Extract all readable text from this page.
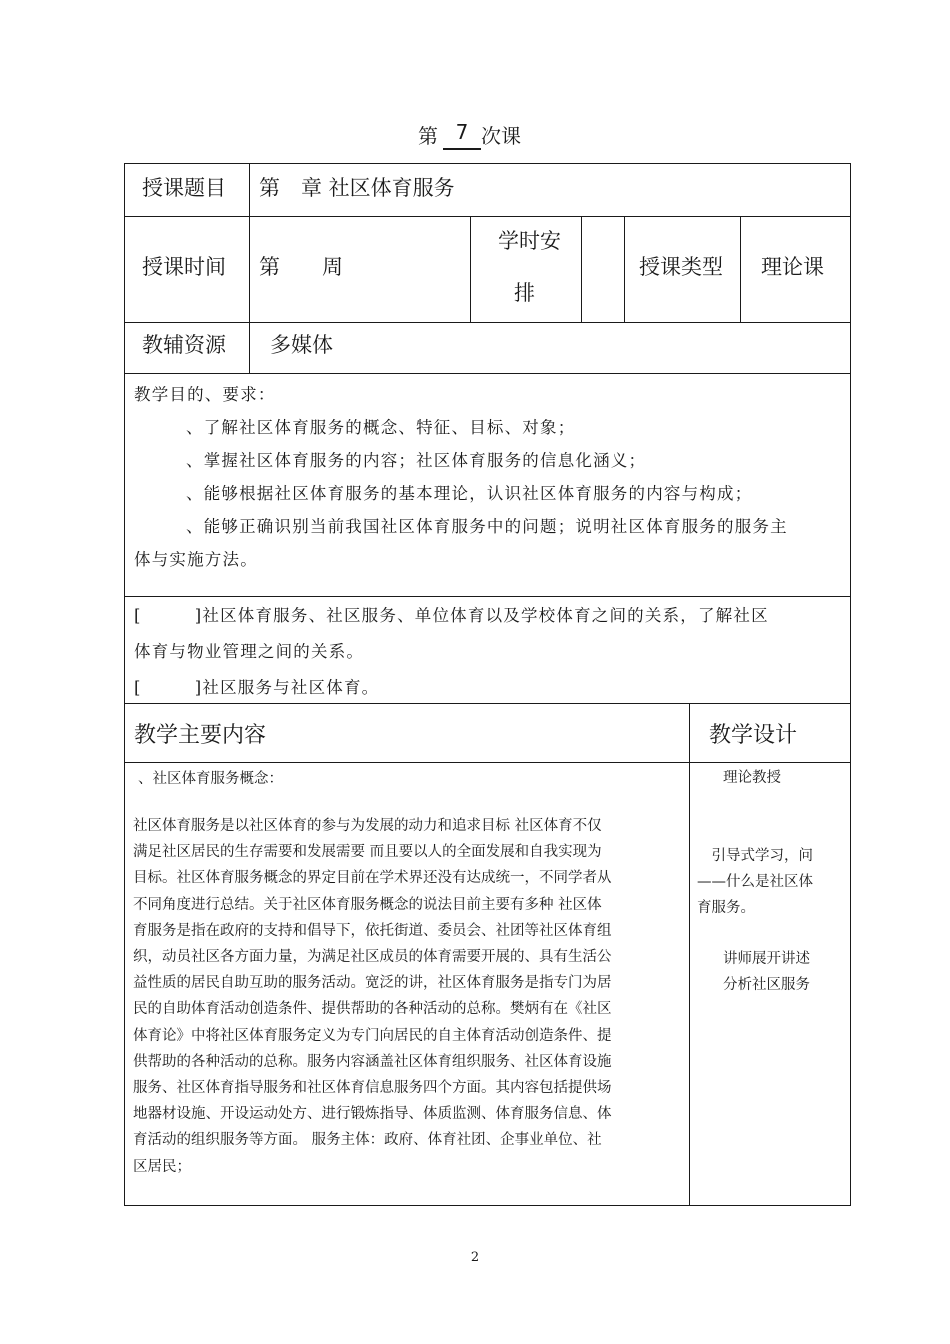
第 7 次课
授课题目 第　章 社区体育服务
授课时间 第　　周
学时安
排
授课类型 理论课
教辅资源 多媒体
教学目的、要求：
、了解社区体育服务的概念、特征、目标、对象；
、掌握社区体育服务的内容；社区体育服务的信息化涵义；
、能够根据社区体育服务的基本理论，认识社区体育服务的内容与构成；
、能够正确识别当前我国社区体育服务中的问题；说明社区体育服务的服务主
体与实施方法。
[　　　]社区体育服务、社区服务、单位体育以及学校体育之间的关系，了解社区
体育与物业管理之间的关系。
[　　　]社区服务与社区体育。
教学主要内容	教学设计
、社区体育服务概念：
社区体育服务是以社区体育的参与为发展的动力和追求目标 社区体育不仅
满足社区居民的生存需要和发展需要 而且要以人的全面发展和自我实现为
目标。社区体育服务概念的界定目前在学术界还没有达成统一，不同学者从
不同角度进行总结。关于社区体育服务概念的说法目前主要有多种 社区体
育服务是指在政府的支持和倡导下，依托街道、委员会、社团等社区体育组
织，动员社区各方面力量，为满足社区成员的体育需要开展的、具有生活公
益性质的居民自助互助的服务活动。宽泛的讲，社区体育服务是指专门为居
民的自助体育活动创造条件、提供帮助的各种活动的总称。樊炳有在《社区
体育论》中将社区体育服务定义为专门向居民的自主体育活动创造条件、提
供帮助的各种活动的总称。服务内容涵盖社区体育组织服务、社区体育设施
服务、社区体育指导服务和社区体育信息服务四个方面。其内容包括提供场
地器材设施、开设运动处方、进行锻炼指导、体质监测、体育服务信息、体
育活动的组织服务等方面。 服务主体：政府、体育社团、企事业单位、社
区居民；
理论教授
　引导式学习，问
——什么是社区体
育服务。
讲师展开讲述
分析社区服务
2
